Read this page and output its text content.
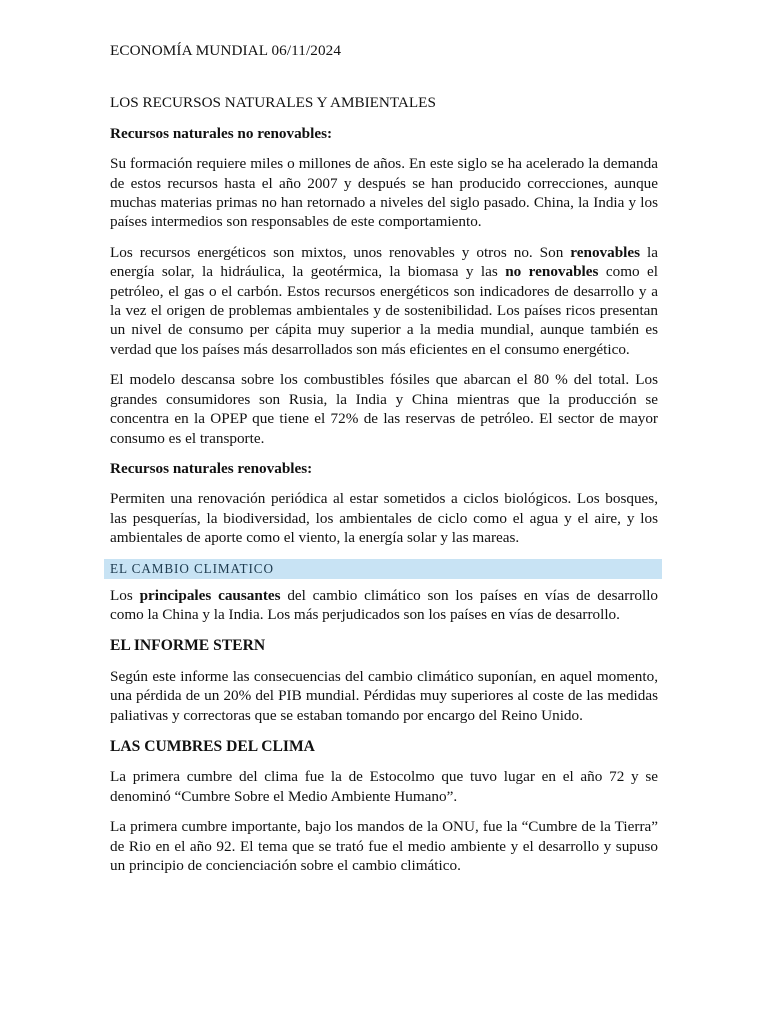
ECONOMÍA MUNDIAL 06/11/2024

LOS RECURSOS NATURALES Y AMBIENTALES

Recursos naturales no renovables:

Su formación requiere miles o millones de años. En este siglo se ha acelerado la demanda de estos recursos hasta el año 2007 y después se han producido correcciones, aunque muchas materias primas no han retornado a niveles del siglo pasado. China, la India y los países intermedios son responsables de este comportamiento.

Los recursos energéticos son mixtos, unos renovables y otros no. Son renovables la energía solar, la hidráulica, la geotérmica, la biomasa y las no renovables como el petróleo, el gas o el carbón. Estos recursos energéticos son indicadores de desarrollo y a la vez el origen de problemas ambientales y de sostenibilidad. Los países ricos presentan un nivel de consumo per cápita muy superior a la media mundial, aunque también es verdad que los países más desarrollados son más eficientes en el consumo energético.

El modelo descansa sobre los combustibles fósiles que abarcan el 80 % del total. Los grandes consumidores son Rusia, la India y China mientras que la producción se concentra en la OPEP que tiene el 72% de las reservas de petróleo. El sector de mayor consumo es el transporte.

Recursos naturales renovables:

Permiten una renovación periódica al estar sometidos a ciclos biológicos. Los bosques, las pesquerías, la biodiversidad, los ambientales de ciclo como el agua y el aire, y los ambientales de aporte como el viento, la energía solar y las mareas.

EL CAMBIO CLIMATICO

Los principales causantes del cambio climático son los países en vías de desarrollo como la China y la India. Los más perjudicados son los países en vías de desarrollo.

EL INFORME STERN

Según este informe las consecuencias del cambio climático suponían, en aquel momento, una pérdida de un 20% del PIB mundial. Pérdidas muy superiores al coste de las medidas paliativas y correctoras que se estaban tomando por encargo del Reino Unido.

LAS CUMBRES DEL CLIMA

La primera cumbre del clima fue la de Estocolmo que tuvo lugar en el año 72 y se denominó “Cumbre Sobre el Medio Ambiente Humano”.

La primera cumbre importante, bajo los mandos de la ONU, fue la “Cumbre de la Tierra” de Rio en el año 92. El tema que se trató fue el medio ambiente y el desarrollo y supuso un principio de concienciación sobre el cambio climático.
